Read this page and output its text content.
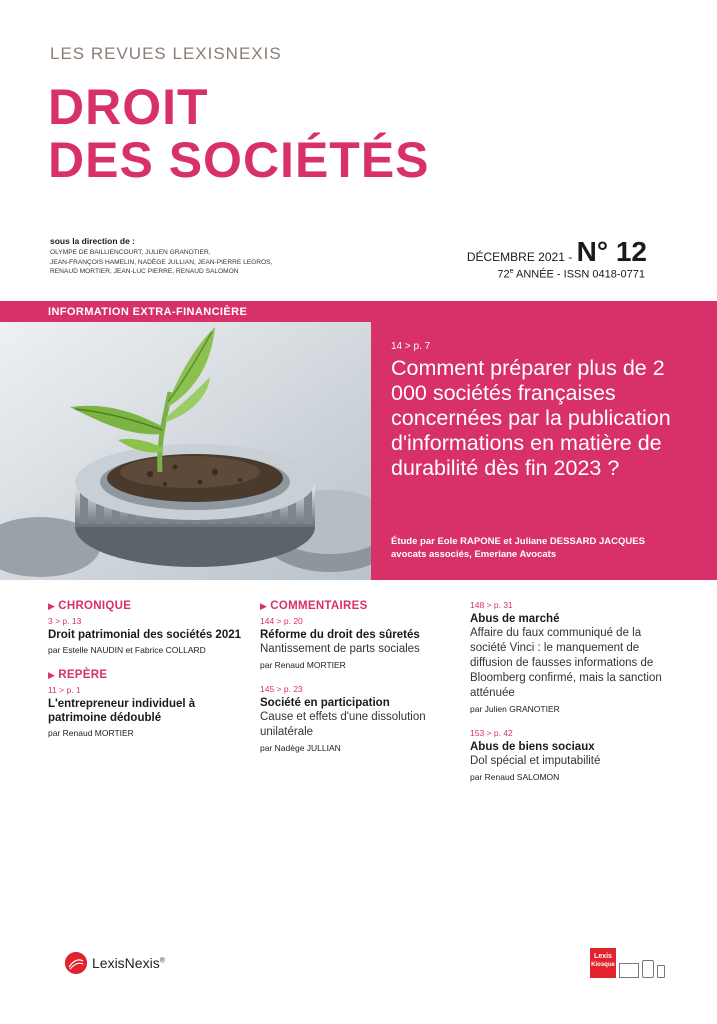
LES REVUES LEXISNEXIS
DROIT
DES SOCIÉTÉS
sous la direction de :
OLYMPE DE BAILLIENCOURT, JULIEN GRANOTIER,
JEAN-FRANÇOIS HAMELIN, NADÈGE JULLIAN, JEAN-PIERRE LEGROS,
RENAUD MORTIER, JEAN-LUC PIERRE, RENAUD SALOMON
DÉCEMBRE 2021 - N° 12
72e ANNÉE - ISSN 0418-0771
INFORMATION EXTRA-FINANCIÈRE
14 > p. 7
Comment préparer plus de 2 000 sociétés françaises concernées par la publication d'informations en matière de durabilité dès fin 2023 ?
Étude par Eole RAPONE et Juliane DESSARD JACQUES
avocats associés, Emeriane Avocats
▶ CHRONIQUE
3 > p. 13
Droit patrimonial des sociétés 2021
par Estelle NAUDIN et Fabrice COLLARD
▶ REPÈRE
11 > p. 1
L'entrepreneur individuel à patrimoine dédoublé
par Renaud MORTIER
▶ COMMENTAIRES
144 > p. 20
Réforme du droit des sûretés
Nantissement de parts sociales
par Renaud MORTIER
145 > p. 23
Société en participation
Cause et effets d'une dissolution unilatérale
par Nadège JULLIAN
148 > p. 31
Abus de marché
Affaire du faux communiqué de la société Vinci : le manquement de diffusion de fausses informations de Bloomberg confirmé, mais la sanction atténuée
par Julien GRANOTIER
153 > p. 42
Abus de biens sociaux
Dol spécial et imputabilité
par Renaud SALOMON
LexisNexis®
Lexis
Kiosque
